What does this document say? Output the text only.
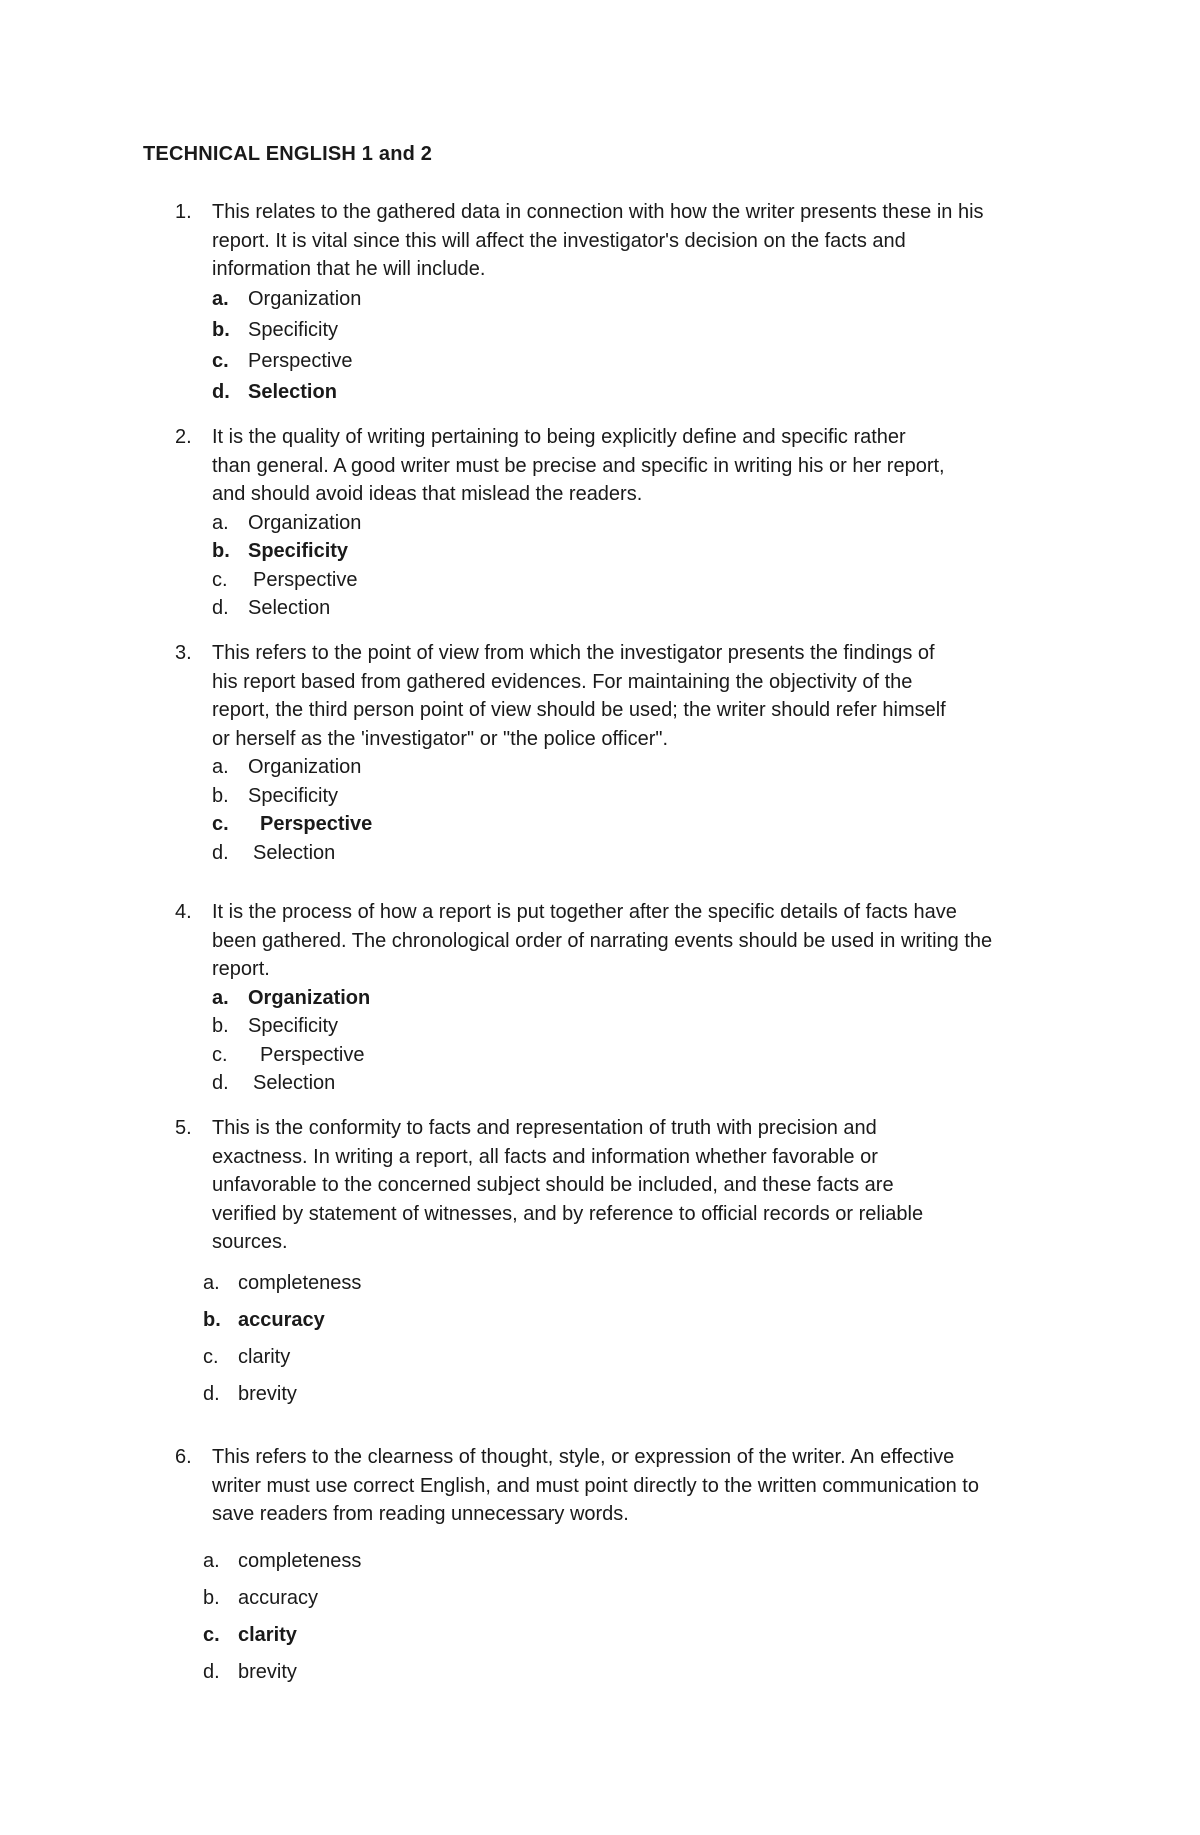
TECHNICAL ENGLISH 1 and 2
1. This relates to the gathered data in connection with how the writer presents these in his
report. It is vital since this will affect the investigator's decision on the facts and
information that he will include.
a. Organization
b. Specificity
c. Perspective
d. Selection
2. It is the quality of writing pertaining to being explicitly define and specific rather
than general. A good writer must be precise and specific in writing his or her report,
and should avoid ideas that mislead the readers.
a. Organization
b. Specificity
c. Perspective
d. Selection
3. This refers to the point of view from which the investigator presents the findings of
his report based from gathered evidences. For maintaining the objectivity of the
report, the third person point of view should be used; the writer should refer himself
or herself as the 'investigator" or "the police officer".
a. Organization
b. Specificity
c. Perspective
d. Selection
4. It is the process of how a report is put together after the specific details of facts have
been gathered. The chronological order of narrating events should be used in writing the
report.
a. Organization
b. Specificity
c. Perspective
d. Selection
5. This is the conformity to facts and representation of truth with precision and
exactness. In writing a report, all facts and information whether favorable or
unfavorable to the concerned subject should be included, and these facts are
verified by statement of witnesses, and by reference to official records or reliable
sources.
a. completeness
b. accuracy
c. clarity
d. brevity
6. This refers to the clearness of thought, style, or expression of the writer. An effective
writer must use correct English, and must point directly to the written communication to
save readers from reading unnecessary words.
a. completeness
b. accuracy
c. clarity
d. brevity
